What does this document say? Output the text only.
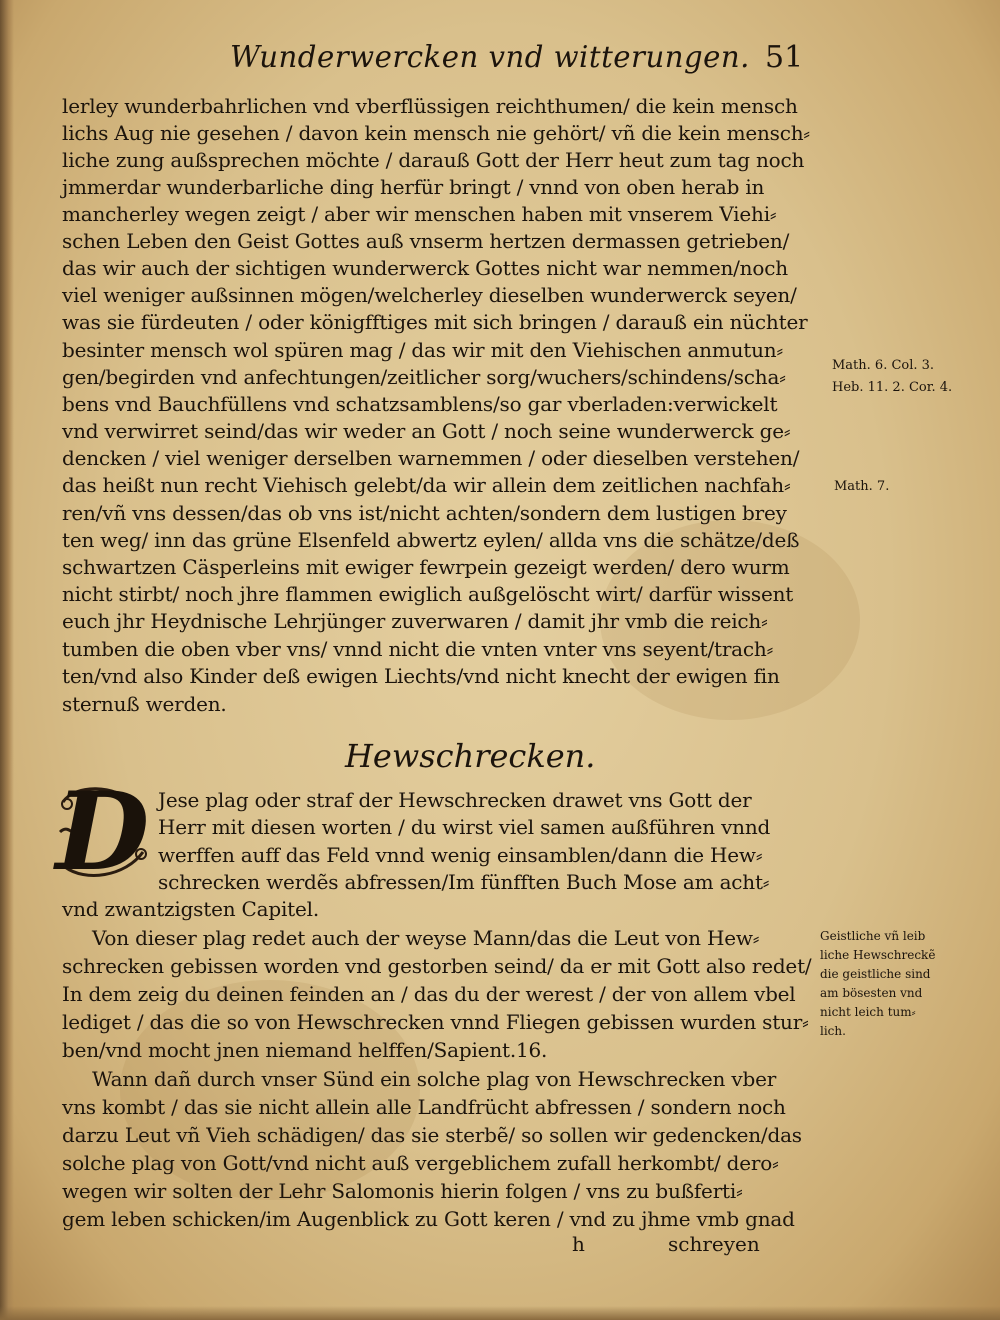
Wunderwercken vnd witterungen. 51
lerley wunderbahrlichen vnd vberflüssigen reichthumen/ die kein mensch
lichs Aug nie gesehen / davon kein mensch nie gehört/ vñ die kein mensch⸗
liche zung außsprechen möchte / darauß Gott der Herr heut zum tag noch
jmmerdar wunderbarliche ding herfür bringt / vnnd von oben herab in
mancherley wegen zeigt / aber wir menschen haben mit vnserem Viehi⸗
schen Leben den Geist Gottes auß vnserm hertzen dermassen getrieben/
das wir auch der sichtigen wunderwerck Gottes nicht war nemmen/noch
viel weniger außsinnen mögen/welcherley dieselben wunderwerck seyen/
was sie fürdeuten / oder königfftiges mit sich bringen / darauß ein nüchter
besinter mensch wol spüren mag / das wir mit den Viehischen anmutun⸗
gen/begirden vnd anfechtungen/zeitlicher sorg/wuchers/schindens/scha⸗
bens vnd Bauchfüllens vnd schatzsamblens/so gar vberladen:verwickelt
vnd verwirret seind/das wir weder an Gott / noch seine wunderwerck ge⸗
dencken / viel weniger derselben warnemmen / oder dieselben verstehen/
das heißt nun recht Viehisch gelebt/da wir allein dem zeitlichen nachfah⸗
ren/vñ vns dessen/das ob vns ist/nicht achten/sondern dem lustigen brey
ten weg/ inn das grüne Elsenfeld abwertz eylen/ allda vns die schätze/deß
schwartzen Cäsperleins mit ewiger fewrpein gezeigt werden/ dero wurm
nicht stirbt/ noch jhre flammen ewiglich außgelöscht wirt/ darfür wissent
euch jhr Heydnische Lehrjünger zuverwaren / damit jhr vmb die reich⸗
tumben die oben vber vns/ vnnd nicht die vnten vnter vns seyent/trach⸗
ten/vnd also Kinder deß ewigen Liechts/vnd nicht knecht der ewigen fin
sternuß werden.
Hewschrecken.
D Jese plag oder straf der Hewschrecken drawet vns Gott der
Herr mit diesen worten / du wirst viel samen außführen vnnd
werffen auff das Feld vnnd wenig einsamblen/dann die Hew⸗
schrecken werdẽs abfressen/Im fünfften Buch Mose am acht⸗
vnd zwantzigsten Capitel.
Von dieser plag redet auch der weyse Mann/das die Leut von Hew⸗
schrecken gebissen worden vnd gestorben seind/ da er mit Gott also redet/
In dem zeig du deinen feinden an / das du der werest / der von allem vbel
lediget / das die so von Hewschrecken vnnd Fliegen gebissen wurden stur⸗
ben/vnd mocht jnen niemand helffen/Sapient.16.
Wann dañ durch vnser Sünd ein solche plag von Hewschrecken vber
vns kombt / das sie nicht allein alle Landfrücht abfressen / sondern noch
darzu Leut vñ Vieh schädigen/ das sie sterbẽ/ so sollen wir gedencken/das
solche plag von Gott/vnd nicht auß vergeblichem zufall herkombt/ dero⸗
wegen wir solten der Lehr Salomonis hierin folgen / vns zu bußferti⸗
gem leben schicken/im Augenblick zu Gott keren / vnd zu jhme vmb gnad
h	schreyen
Math. 6. Col. 3.
Heb. 11. 2. Cor. 4.
Math. 7.
Geistliche vñ leib
liche Hewschreckẽ
die geistliche sind
am bösesten vnd
nicht leich tum⸗
lich.
